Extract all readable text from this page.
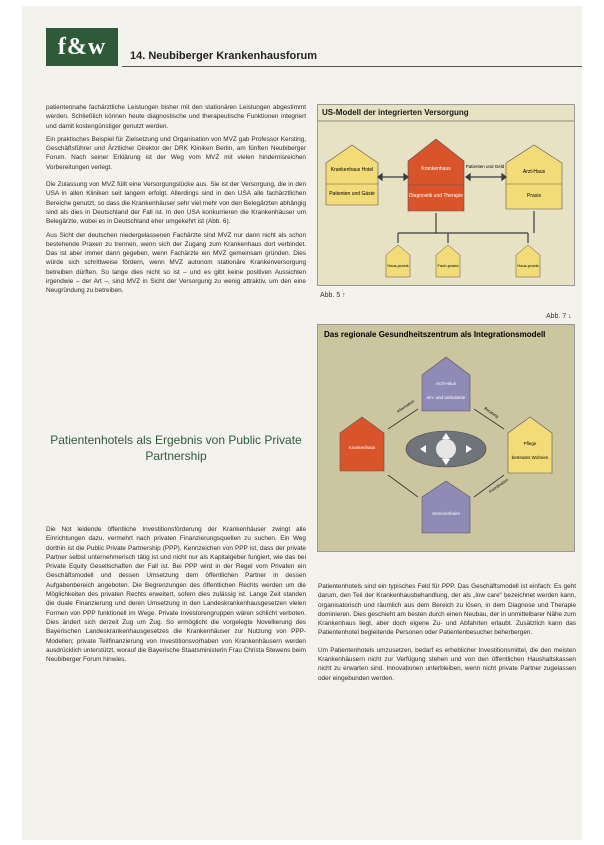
f&w	14. Neubiberger Krankenhausforum

patientennahe fachärztliche Leistungen bisher mit den stationären Leistungen abgestimmt werden. Schließlich können heute diagnostische und therapeutische Funktionen integriert und damit kostengünstiger genutzt werden.

Ein praktisches Beispiel für Zielsetzung und Organisation von MVZ gab Professor Kersting, Geschäftsführer und Ärztlicher Direktor der DRK Kliniken Berlin, am fünften Neubiberger Forum. Nach seiner Erklärung ist der Weg vom MVZ mit vielen hindernisreichen Vorbereitungen verlegt.

Die Zulassung von MVZ füllt eine Versorgungslücke aus. Sie ist der Versorgung, die in den USA in allen Kliniken seit langem erfolgt. Allerdings sind in den USA alle fachärztlichen Bereiche genutzt, so dass die Krankenhäuser sehr viel mehr von den Belegärzten abhängig sind als dies in Deutschland der Fall ist. In den USA konkurrieren die Krankenhäuser um Belegärzte, wobei es in Deutschland eher umgekehrt ist (Abb. 6).

Aus Sicht der deutschen niedergelassenen Fachärzte sind MVZ nur dann nicht als schon bestehende Praxen zu trennen, wenn sich der Zugang zum Krankenhaus dort verbindet. Das ist aber immer dann gegeben, wenn Fachärzte ein MVZ gemeinsam gründen. Dies würde sich schrittweise fördern, wenn MVZ autonom stationäre Krankenversorgung betreiben dürften. So lange dies nicht so ist – und es gibt keine positiven Aussichten irgendwie – der Art –, sind MVZ in Sicht der Versorgung zu wenig attraktiv, um den eine Neugründung zu betreiben.

Patientenhotels als Ergebnis von Public Private Partnership

Die Not leidende öffentliche Investitionsförderung der Krankenhäuser zwingt alle Einrichtungen dazu, vermehrt nach privaten Finanzierungsquellen zu suchen. Ein Weg dorthin ist die Public Private Partnership (PPP). Kennzeichen von PPP ist, dass der private Partner selbst unternehmerisch tätig ist und nicht nur als Kapitalgeber fungiert, wie das bei Private Equity Gesellschaften der Fall ist. Bei PPP wird in der Regel vom Privaten ein Geschäftsmodell und dessen Umsetzung dem öffentlichen Partner in dessen Aufgabenbereich angeboten. Die Begrenzungen des öffentlichen Rechts werden um die Möglichkeiten des privaten Rechts erweitert, sofern dies zulässig ist. Lange Zeit standen die duale Finanzierung und deren Umsetzung in den Landeskrankenhausgesetzen vielen Formen von PPP funktionell im Wege. Private Investorengruppen wären schlicht verboten. Dies ändert sich derzeit Zug um Zug. So ermöglicht die vorgelegte Novellierung des Bayerischen Landeskrankenhausgesetzes die Krankenhäuser zur Nutzung von PPP-Modellen; private Teilfinanzierung von Investitionsvorhaben von Krankenhäusern werden ausdrücklich unterstützt, worauf die Bayerische Staatsministerin Frau Christa Stewens beim Neubiberger Forum hinwies.

US-Modell der integrierten Versorgung
Krankenhaus Hotel
Patienten und Gäste
Krankenhaus
Diagnostik und Therapie
Arzt-Haus
Praxis
Patienten und Geld
Haus-praxis	Fach-praxis	Haus-praxis
Abb. 5 ↑
Abb. 7 ↓
Das regionale Gesundheitszentrum als Integrationsmodell
Arzt-Haus
ein- und ambulante
Krankenhaus
Pflege
betreutes Wohnen
Seniorenheim
Information	Beratung
Koordination

Patientenhotels sind ein typisches Feld für PPP. Das Geschäftsmodell ist einfach: Es geht darum, den Teil der Krankenhausbehandlung, der als „low care“ bezeichnet werden kann, organisatorisch und räumlich aus dem Bereich zu lösen, in dem Diagnose und Therapie dominieren. Dies geschieht am besten durch einen Neubau, der in unmittelbarer Nähe zum Krankenhaus liegt, aber doch eigene Zu- und Abfahrten erlaubt. Zusätzlich kann das Patientenhotel begleitende Personen oder Patientenbesucher beherbergen.

Um Patientenhotels umzusetzen, bedarf es erheblicher Investitionsmittel, die den meisten Krankenhäusern nicht zur Verfügung stehen und von den öffentlichen Haushaltskassen nicht zu erwarten sind. Innovationen unterbleiben, wenn nicht private Partner zugelassen oder eingebunden werden.
